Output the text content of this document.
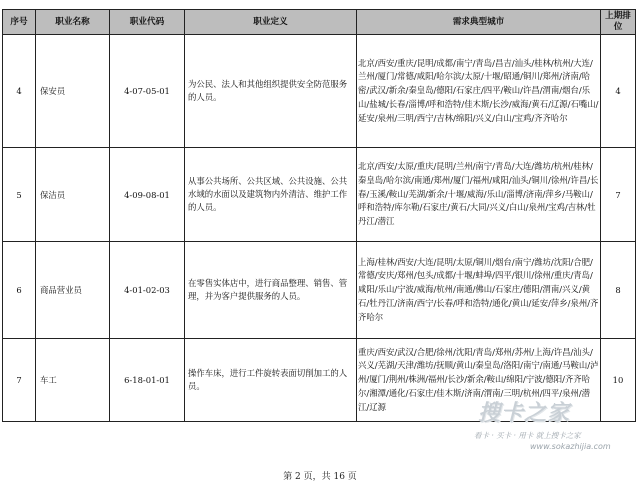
序号	职业名称	职业代码	职业定义	需求典型城市	上期排位
4	保安员	4-07-05-01	为公民、法人和其他组织提供安全防范服务的人员。	北京/西安/重庆/昆明/成都/南宁/青岛/昌吉/汕头/桂林/杭州/大连/兰州/厦门/常德/咸阳/哈尔滨/太原/十堰/昭通/铜川/郑州/济南/哈密/武汉/新余/秦皇岛/德阳/石家庄/四平/鞍山/许昌/渭南/烟台/乐山/盐城/长春/淄博/呼和浩特/佳木斯/长沙/威海/黄石/辽源/石嘴山/延安/泉州/三明/西宁/吉林/绵阳/兴义/白山/宝鸡/齐齐哈尔	4
5	保洁员	4-09-08-01	从事公共场所、公共区域、公共设施、公共水域的水面以及建筑物内外清洁、维护工作的人员。	北京/西安/太原/重庆/昆明/兰州/南宁/青岛/大连/潍坊/杭州/桂林/秦皇岛/哈尔滨/南通/郑州/厦门/福州/咸阳/汕头/铜川/徐州/许昌/长春/玉溪/鞍山/芜湖/新余/十堰/威海/乐山/淄博/济南/萍乡/马鞍山/呼和浩特/库尔勒/石家庄/黄石/大同/兴义/白山/泉州/宝鸡/吉林/牡丹江/潜江	7
6	商品营业员	4-01-02-03	在零售实体店中，进行商品整理、销售、管理，并为客户提供服务的人员。	上海/桂林/西安/大连/昆明/太原/铜川/烟台/南宁/潍坊/沈阳/合肥/常德/安庆/郑州/包头/成都/十堰/蚌埠/四平/银川/徐州/重庆/青岛/咸阳/乐山/宁波/威海/杭州/南通/佛山/石家庄/德阳/渭南/兴义/黄石/牡丹江/济南/西宁/长春/呼和浩特/通化/黄山/延安/萍乡/泉州/齐齐哈尔	8
7	车工	6-18-01-01	操作车床，进行工件旋转表面切削加工的人员。	重庆/西安/武汉/合肥/徐州/沈阳/青岛/郑州/苏州/上海/许昌/汕头/兴义/芜湖/天津/潍坊/抚顺/黄山/秦皇岛/洛阳/南宁/南通/马鞍山/泸州/厦门/荆州/株洲/福州/长沙/新余/鞍山/绵阳/宁波/德阳/齐齐哈尔/湘潭/通化/石家庄/佳木斯/济南/渭南/三明/杭州/四平/泉州/潜江/辽源	10
搜卡之家
看卡 · 买卡 · 用卡 就上搜卡之家
www.sokazhijia.com
第 2 页，共 16 页
